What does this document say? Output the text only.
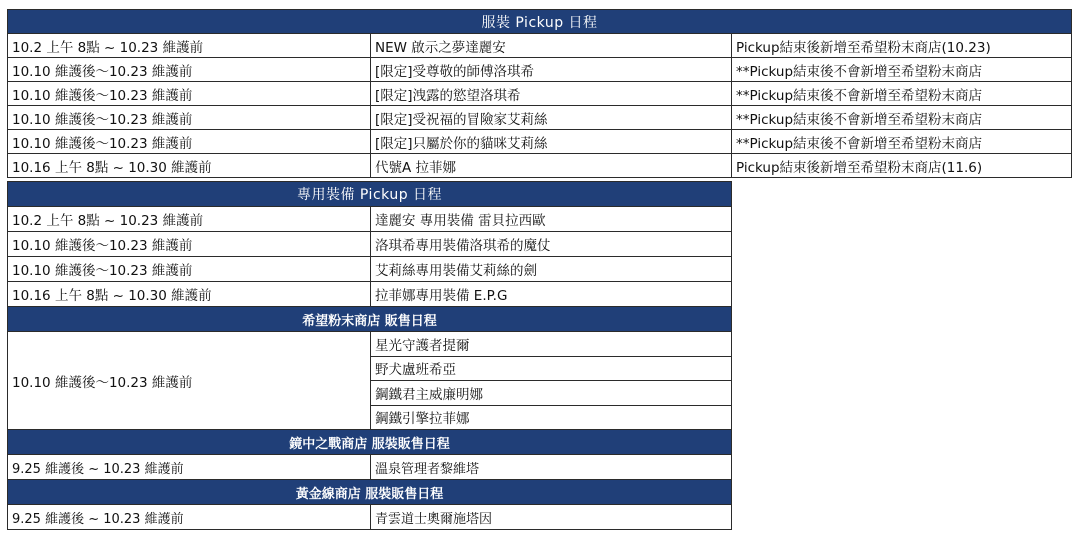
服裝 Pickup 日程		
10.2 上午 8點 ~ 10.23 維護前	NEW 啟示之夢達麗安	Pickup結束後新增至希望粉末商店(10.23)
10.10 維護後～10.23 維護前	[限定]受尊敬的師傅洛琪希	**Pickup結束後不會新增至希望粉末商店
10.10 維護後～10.23 維護前	[限定]洩露的慾望洛琪希	**Pickup結束後不會新增至希望粉末商店
10.10 維護後～10.23 維護前	[限定]受祝福的冒險家艾莉絲	**Pickup結束後不會新增至希望粉末商店
10.10 維護後～10.23 維護前	[限定]只屬於你的貓咪艾莉絲	**Pickup結束後不會新增至希望粉末商店
10.16 上午 8點 ~ 10.30 維護前	代號A 拉菲娜	Pickup結束後新增至希望粉末商店(11.6)
專用裝備 Pickup 日程	
10.2 上午 8點 ~ 10.23 維護前	達麗安 專用裝備 雷貝拉西歐
10.10 維護後～10.23 維護前	洛琪希專用裝備洛琪希的魔仗
10.10 維護後～10.23 維護前	艾莉絲專用裝備艾莉絲的劍
10.16 上午 8點 ~ 10.30 維護前	拉菲娜專用裝備 E.P.G
希望粉末商店 販售日程	
10.10 維護後～10.23 維護前	星光守護者提爾
	野犬盧班希亞
	鋼鐵君主威廉明娜
	鋼鐵引擎拉菲娜
鏡中之戰商店 服裝販售日程	
9.25 維護後 ~ 10.23 維護前	溫泉管理者黎維塔
黃金線商店 服裝販售日程	
9.25 維護後 ~ 10.23 維護前	青雲道士奧爾施塔因
